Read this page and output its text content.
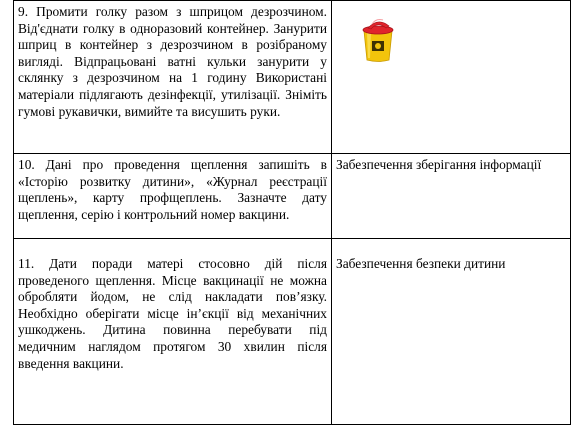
9. Промити голку разом з шприцом дезрозчином. Від'єднати голку в одноразовий контейнер. Занурити шприц в контейнер з дезрозчином в розібраному вигляді. Відпрацьовані ватні кульки занурити у склянку з дезрозчином на 1 годину Використані матеріали підлягають дезінфекції, утилізації. Зніміть гумові рукавички, вимийте та висушить руки.

10. Дані про проведення щеплення запишіть в «Історію розвитку дитини», «Журнал реєстрації щеплень», карту профщеплень. Зазначте дату щеплення, серію і контрольний номер вакцини.	Забезпечення зберігання інформації

11. Дати поради матері стосовно дій після проведеного щеплення. Місце вакцинації не можна обробляти йодом, не слід накладати пов’язку. Необхідно оберігати місце ін’єкції від механічних ушкоджень. Дитина повинна перебувати під медичним наглядом протягом 30 хвилин після введення вакцини.	Забезпечення безпеки дитини
